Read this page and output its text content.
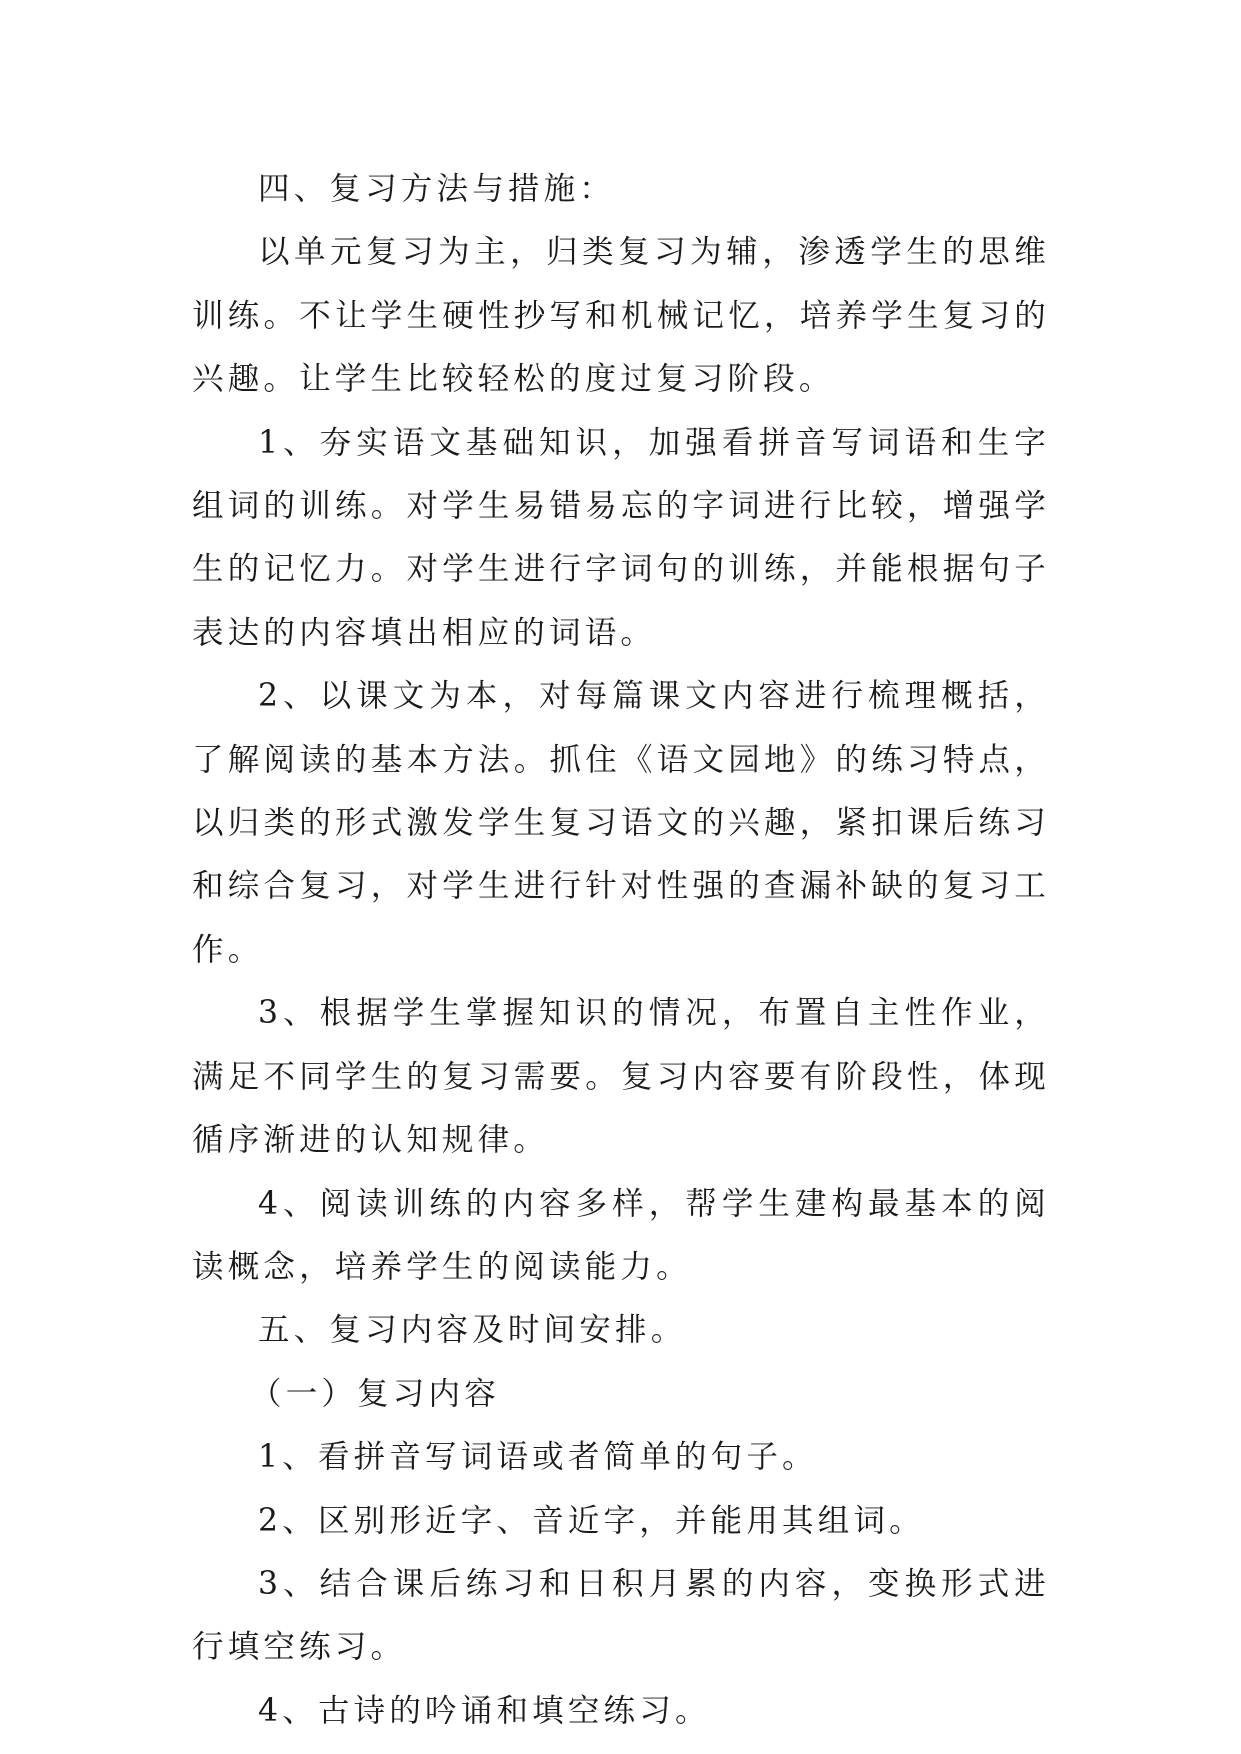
四、复习方法与措施：

以单元复习为主，归类复习为辅，渗透学生的思维训练。不让学生硬性抄写和机械记忆，培养学生复习的兴趣。让学生比较轻松的度过复习阶段。

1、夯实语文基础知识，加强看拼音写词语和生字组词的训练。对学生易错易忘的字词进行比较，增强学生的记忆力。对学生进行字词句的训练，并能根据句子表达的内容填出相应的词语。

2、以课文为本，对每篇课文内容进行梳理概括，了解阅读的基本方法。抓住《语文园地》的练习特点，以归类的形式激发学生复习语文的兴趣，紧扣课后练习和综合复习，对学生进行针对性强的查漏补缺的复习工作。

3、根据学生掌握知识的情况，布置自主性作业，满足不同学生的复习需要。复习内容要有阶段性，体现循序渐进的认知规律。

4、阅读训练的内容多样，帮学生建构最基本的阅读概念，培养学生的阅读能力。

五、复习内容及时间安排。

（一）复习内容

1、看拼音写词语或者简单的句子。

2、区别形近字、音近字，并能用其组词。

3、结合课后练习和日积月累的内容，变换形式进行填空练习。

4、古诗的吟诵和填空练习。
